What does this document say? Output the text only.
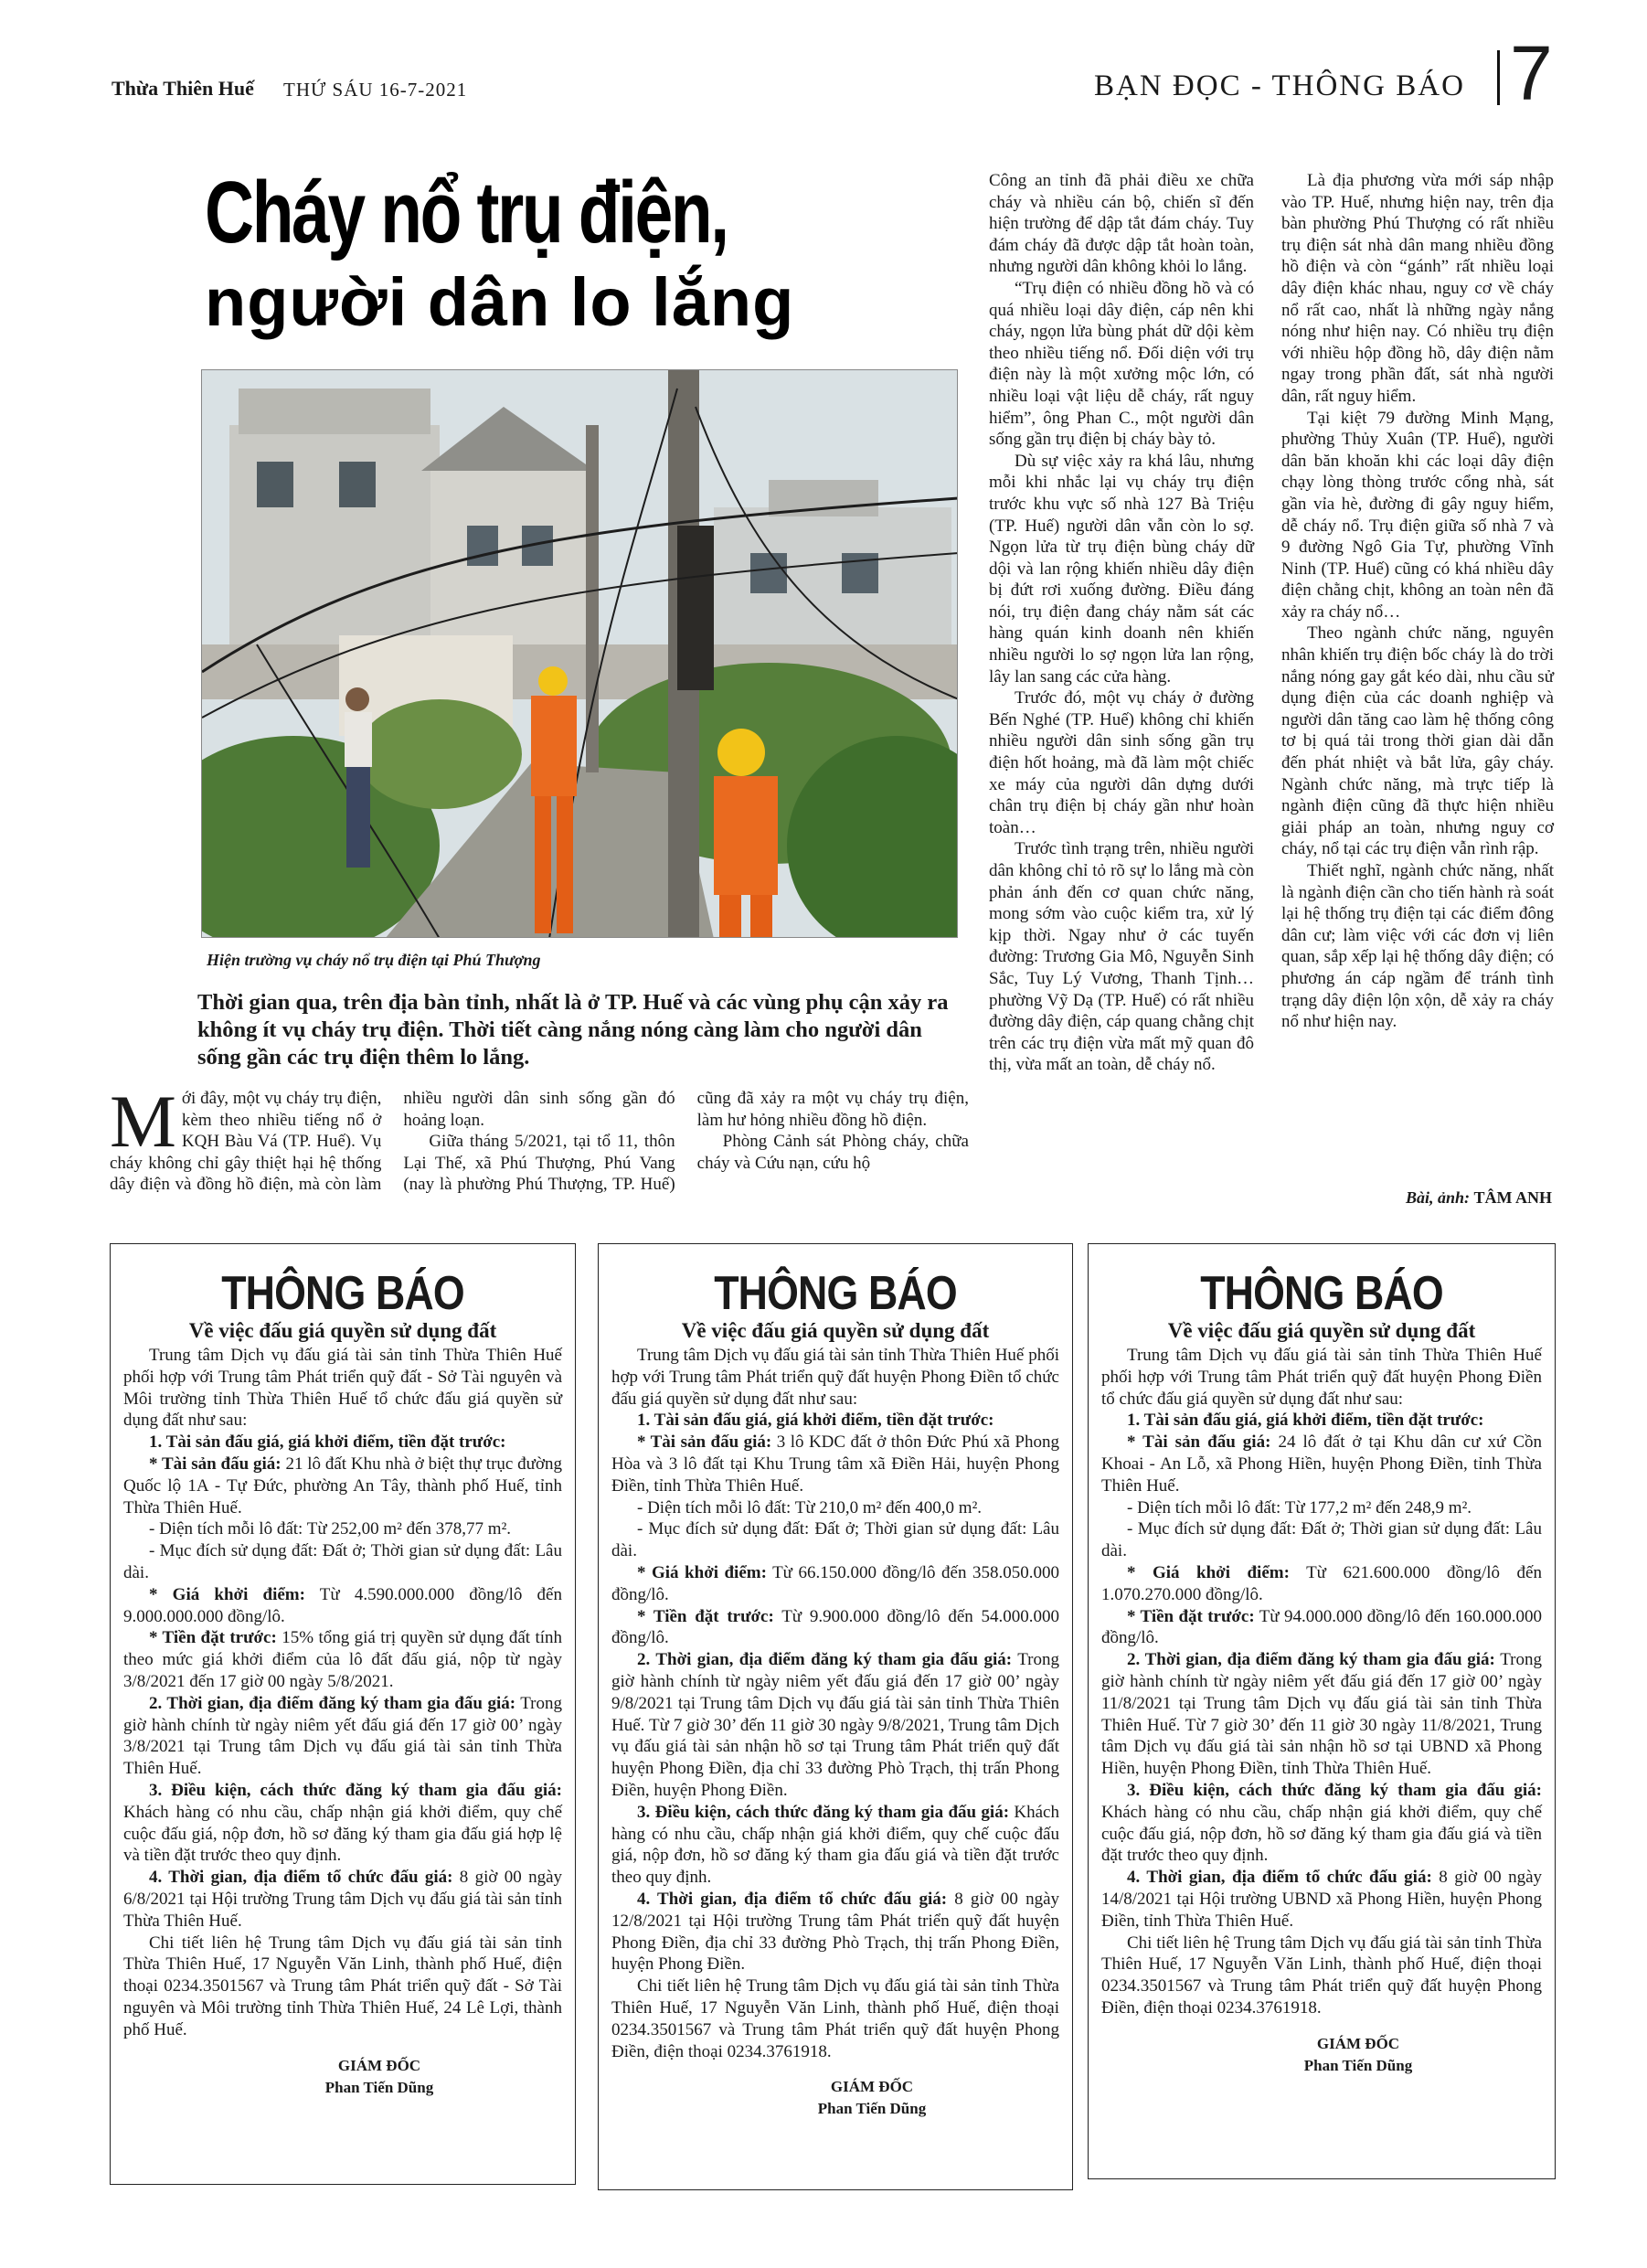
Thừa Thiên Huế THỨ SÁU 16-7-2021	BẠN ĐỌC - THÔNG BÁO 7
Cháy nổ trụ điện,
người dân lo lắng
Hiện trường vụ cháy nổ trụ điện tại Phú Thượng
Thời gian qua, trên địa bàn tỉnh, nhất là ở TP. Huế và các vùng phụ cận xảy ra không ít vụ cháy trụ điện. Thời tiết càng nắng nóng càng làm cho người dân sống gần các trụ điện thêm lo lắng.

Mới đây, một vụ cháy trụ điện, kèm theo nhiều tiếng nổ ở KQH Bàu Vá (TP. Huế). Vụ cháy không chỉ gây thiệt hại hệ thống dây điện và đồng hồ điện, mà còn làm nhiều người dân sinh sống gần đó hoảng loạn.

Giữa tháng 5/2021, tại tổ 11, thôn Lại Thế, xã Phú Thượng, Phú Vang (nay là phường Phú Thượng, TP. Huế) cũng đã xảy ra một vụ cháy trụ điện, làm hư hỏng nhiều đồng hồ điện.

Phòng Cảnh sát Phòng cháy, chữa cháy và Cứu nạn, cứu hộ

Công an tỉnh đã phải điều xe chữa cháy và nhiều cán bộ, chiến sĩ đến hiện trường để dập tắt đám cháy. Tuy đám cháy đã được dập tắt hoàn toàn, nhưng người dân không khỏi lo lắng.

“Trụ điện có nhiều đồng hồ và có quá nhiều loại dây điện, cáp nên khi cháy, ngọn lửa bùng phát dữ dội kèm theo nhiều tiếng nổ. Đối diện với trụ điện này là một xưởng mộc lớn, có nhiều loại vật liệu dễ cháy, rất nguy hiểm”, ông Phan C., một người dân sống gần trụ điện bị cháy bày tỏ.

Dù sự việc xảy ra khá lâu, nhưng mỗi khi nhắc lại vụ cháy trụ điện trước khu vực số nhà 127 Bà Triệu (TP. Huế) người dân vẫn còn lo sợ. Ngọn lửa từ trụ điện bùng cháy dữ dội và lan rộng khiến nhiều dây điện bị đứt rơi xuống đường. Điều đáng nói, trụ điện đang cháy nằm sát các hàng quán kinh doanh nên khiến nhiều người lo sợ ngọn lửa lan rộng, lây lan sang các cửa hàng.

Trước đó, một vụ cháy ở đường Bến Nghé (TP. Huế) không chỉ khiến nhiều người dân sinh sống gần trụ điện hốt hoảng, mà đã làm một chiếc xe máy của người dân dựng dưới chân trụ điện bị cháy gần như hoàn toàn…

Trước tình trạng trên, nhiều người dân không chỉ tỏ rõ sự lo lắng mà còn phản ánh đến cơ quan chức năng, mong sớm vào cuộc kiểm tra, xử lý kịp thời. Ngay như ở các tuyến đường: Trương Gia Mô, Nguyễn Sinh Sắc, Tuy Lý Vương, Thanh Tịnh… phường Vỹ Dạ (TP. Huế) có rất nhiều đường dây điện, cáp quang chằng chịt trên các trụ điện vừa mất mỹ quan đô thị, vừa mất an toàn, dễ cháy nổ.

Là địa phương vừa mới sáp nhập vào TP. Huế, nhưng hiện nay, trên địa bàn phường Phú Thượng có rất nhiều trụ điện sát nhà dân mang nhiều đồng hồ điện và còn “gánh” rất nhiều loại dây điện khác nhau, nguy cơ về cháy nổ rất cao, nhất là những ngày nắng nóng như hiện nay. Có nhiều trụ điện với nhiều hộp đồng hồ, dây điện nằm ngay trong phần đất, sát nhà người dân, rất nguy hiểm.

Tại kiệt 79 đường Minh Mạng, phường Thủy Xuân (TP. Huế), người dân băn khoăn khi các loại dây điện chạy lòng thòng trước cổng nhà, sát gần vỉa hè, đường đi gây nguy hiểm, dễ cháy nổ. Trụ điện giữa số nhà 7 và 9 đường Ngô Gia Tự, phường Vĩnh Ninh (TP. Huế) cũng có khá nhiều dây điện chằng chịt, không an toàn nên đã xảy ra cháy nổ…

Theo ngành chức năng, nguyên nhân khiến trụ điện bốc cháy là do trời nắng nóng gay gắt kéo dài, nhu cầu sử dụng điện của các doanh nghiệp và người dân tăng cao làm hệ thống công tơ bị quá tải trong thời gian dài dẫn đến phát nhiệt và bắt lửa, gây cháy. Ngành chức năng, mà trực tiếp là ngành điện cũng đã thực hiện nhiều giải pháp an toàn, nhưng nguy cơ cháy, nổ tại các trụ điện vẫn rình rập.

Thiết nghĩ, ngành chức năng, nhất là ngành điện cần cho tiến hành rà soát lại hệ thống trụ điện tại các điểm đông dân cư; làm việc với các đơn vị liên quan, sắp xếp lại hệ thống dây điện; có phương án cáp ngầm để tránh tình trạng dây điện lộn xộn, dễ xảy ra cháy nổ như hiện nay.

Bài, ảnh: TÂM ANH
THÔNG BÁO
Về việc đấu giá quyền sử dụng đất

Trung tâm Dịch vụ đấu giá tài sản tỉnh Thừa Thiên Huế phối hợp với Trung tâm Phát triển quỹ đất - Sở Tài nguyên và Môi trường tỉnh Thừa Thiên Huế tổ chức đấu giá quyền sử dụng đất như sau:

1. Tài sản đấu giá, giá khởi điểm, tiền đặt trước:

* Tài sản đấu giá: 21 lô đất Khu nhà ở biệt thự trục đường Quốc lộ 1A - Tự Đức, phường An Tây, thành phố Huế, tỉnh Thừa Thiên Huế.

- Diện tích mỗi lô đất: Từ 252,00 m² đến 378,77 m².

- Mục đích sử dụng đất: Đất ở; Thời gian sử dụng đất: Lâu dài.

* Giá khởi điểm: Từ 4.590.000.000 đồng/lô đến 9.000.000.000 đồng/lô.

* Tiền đặt trước: 15% tổng giá trị quyền sử dụng đất tính theo mức giá khởi điểm của lô đất đấu giá, nộp từ ngày 3/8/2021 đến 17 giờ 00 ngày 5/8/2021.

2. Thời gian, địa điểm đăng ký tham gia đấu giá: Trong giờ hành chính từ ngày niêm yết đấu giá đến 17 giờ 00’ ngày 3/8/2021 tại Trung tâm Dịch vụ đấu giá tài sản tỉnh Thừa Thiên Huế.

3. Điều kiện, cách thức đăng ký tham gia đấu giá: Khách hàng có nhu cầu, chấp nhận giá khởi điểm, quy chế cuộc đấu giá, nộp đơn, hồ sơ đăng ký tham gia đấu giá hợp lệ và tiền đặt trước theo quy định.

4. Thời gian, địa điểm tổ chức đấu giá: 8 giờ 00 ngày 6/8/2021 tại Hội trường Trung tâm Dịch vụ đấu giá tài sản tỉnh Thừa Thiên Huế.

Chi tiết liên hệ Trung tâm Dịch vụ đấu giá tài sản tỉnh Thừa Thiên Huế, 17 Nguyễn Văn Linh, thành phố Huế, điện thoại 0234.3501567 và Trung tâm Phát triển quỹ đất - Sở Tài nguyên và Môi trường tỉnh Thừa Thiên Huế, 24 Lê Lợi, thành phố Huế.

GIÁM ĐỐC
Phan Tiến Dũng
THÔNG BÁO
Về việc đấu giá quyền sử dụng đất

Trung tâm Dịch vụ đấu giá tài sản tỉnh Thừa Thiên Huế phối hợp với Trung tâm Phát triển quỹ đất huyện Phong Điền tổ chức đấu giá quyền sử dụng đất như sau:

1. Tài sản đấu giá, giá khởi điểm, tiền đặt trước:

* Tài sản đấu giá: 3 lô KDC đất ở thôn Đức Phú xã Phong Hòa và 3 lô đất tại Khu Trung tâm xã Điền Hải, huyện Phong Điền, tỉnh Thừa Thiên Huế.

- Diện tích mỗi lô đất: Từ 210,0 m² đến 400,0 m².

- Mục đích sử dụng đất: Đất ở; Thời gian sử dụng đất: Lâu dài.

* Giá khởi điểm: Từ 66.150.000 đồng/lô đến 358.050.000 đồng/lô.

* Tiền đặt trước: Từ 9.900.000 đồng/lô đến 54.000.000 đồng/lô.

2. Thời gian, địa điểm đăng ký tham gia đấu giá: Trong giờ hành chính từ ngày niêm yết đấu giá đến 17 giờ 00’ ngày 9/8/2021 tại Trung tâm Dịch vụ đấu giá tài sản tỉnh Thừa Thiên Huế. Từ 7 giờ 30’ đến 11 giờ 30 ngày 9/8/2021, Trung tâm Dịch vụ đấu giá tài sản nhận hồ sơ tại Trung tâm Phát triển quỹ đất huyện Phong Điền, địa chỉ 33 đường Phò Trạch, thị trấn Phong Điền, huyện Phong Điền.

3. Điều kiện, cách thức đăng ký tham gia đấu giá: Khách hàng có nhu cầu, chấp nhận giá khởi điểm, quy chế cuộc đấu giá, nộp đơn, hồ sơ đăng ký tham gia đấu giá và tiền đặt trước theo quy định.

4. Thời gian, địa điểm tổ chức đấu giá: 8 giờ 00 ngày 12/8/2021 tại Hội trường Trung tâm Phát triển quỹ đất huyện Phong Điền, địa chỉ 33 đường Phò Trạch, thị trấn Phong Điền, huyện Phong Điền.

Chi tiết liên hệ Trung tâm Dịch vụ đấu giá tài sản tỉnh Thừa Thiên Huế, 17 Nguyễn Văn Linh, thành phố Huế, điện thoại 0234.3501567 và Trung tâm Phát triển quỹ đất huyện Phong Điền, điện thoại 0234.3761918.

GIÁM ĐỐC
Phan Tiến Dũng
THÔNG BÁO
Về việc đấu giá quyền sử dụng đất

Trung tâm Dịch vụ đấu giá tài sản tỉnh Thừa Thiên Huế phối hợp với Trung tâm Phát triển quỹ đất huyện Phong Điền tổ chức đấu giá quyền sử dụng đất như sau:

1. Tài sản đấu giá, giá khởi điểm, tiền đặt trước:

* Tài sản đấu giá: 24 lô đất ở tại Khu dân cư xứ Cồn Khoai - An Lỗ, xã Phong Hiền, huyện Phong Điền, tỉnh Thừa Thiên Huế.

- Diện tích mỗi lô đất: Từ 177,2 m² đến 248,9 m².

- Mục đích sử dụng đất: Đất ở; Thời gian sử dụng đất: Lâu dài.

* Giá khởi điểm: Từ 621.600.000 đồng/lô đến 1.070.270.000 đồng/lô.

* Tiền đặt trước: Từ 94.000.000 đồng/lô đến 160.000.000 đồng/lô.

2. Thời gian, địa điểm đăng ký tham gia đấu giá: Trong giờ hành chính từ ngày niêm yết đấu giá đến 17 giờ 00’ ngày 11/8/2021 tại Trung tâm Dịch vụ đấu giá tài sản tỉnh Thừa Thiên Huế. Từ 7 giờ 30’ đến 11 giờ 30 ngày 11/8/2021, Trung tâm Dịch vụ đấu giá tài sản nhận hồ sơ tại UBND xã Phong Hiền, huyện Phong Điền, tỉnh Thừa Thiên Huế.

3. Điều kiện, cách thức đăng ký tham gia đấu giá: Khách hàng có nhu cầu, chấp nhận giá khởi điểm, quy chế cuộc đấu giá, nộp đơn, hồ sơ đăng ký tham gia đấu giá và tiền đặt trước theo quy định.

4. Thời gian, địa điểm tổ chức đấu giá: 8 giờ 00 ngày 14/8/2021 tại Hội trường UBND xã Phong Hiền, huyện Phong Điền, tỉnh Thừa Thiên Huế.

Chi tiết liên hệ Trung tâm Dịch vụ đấu giá tài sản tỉnh Thừa Thiên Huế, 17 Nguyễn Văn Linh, thành phố Huế, điện thoại 0234.3501567 và Trung tâm Phát triển quỹ đất huyện Phong Điền, điện thoại 0234.3761918.

GIÁM ĐỐC
Phan Tiến Dũng
